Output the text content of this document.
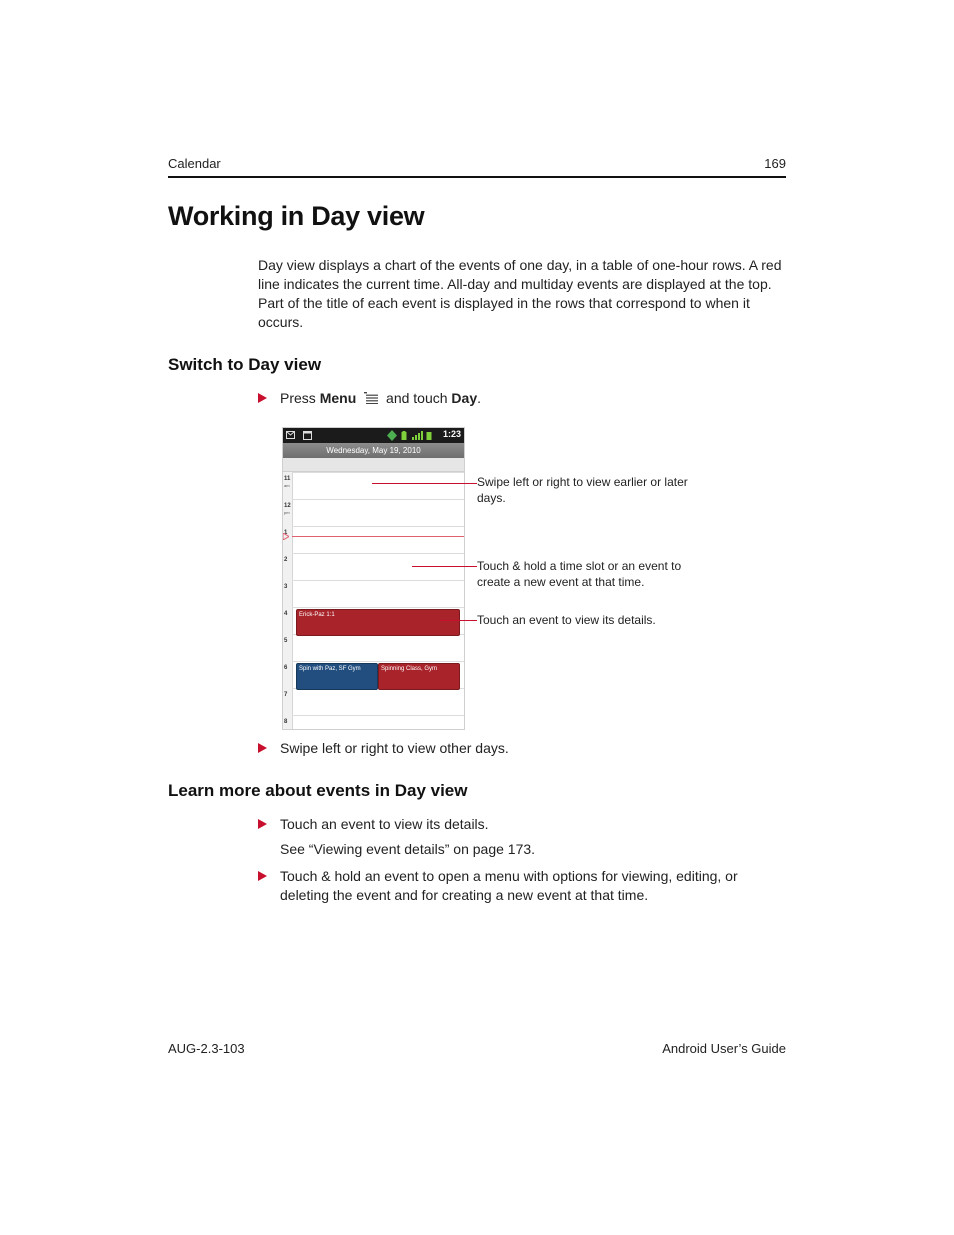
Calendar	169
Working in Day view

Day view displays a chart of the events of one day, in a table of one-hour rows. A red line indicates the current time. All-day and multiday events are displayed at the top. Part of the title of each event is displayed in the rows that correspond to when it occurs.

Switch to Day view
Press Menu and touch Day.
1:23
Wednesday, May 19, 2010
11
am
12
pm
1
2
3
4
5
6
7
8
Erick-Paz 1:1
Spin with Paz, SF Gym	Spinning Class, Gym
Swipe left or right to view earlier or later days.
Touch & hold a time slot or an event to create a new event at that time.
Touch an event to view its details.
Swipe left or right to view other days.
Learn more about events in Day view
Touch an event to view its details.
See “Viewing event details” on page 173.
Touch & hold an event to open a menu with options for viewing, editing, or deleting the event and for creating a new event at that time.
AUG-2.3-103	Android User’s Guide
